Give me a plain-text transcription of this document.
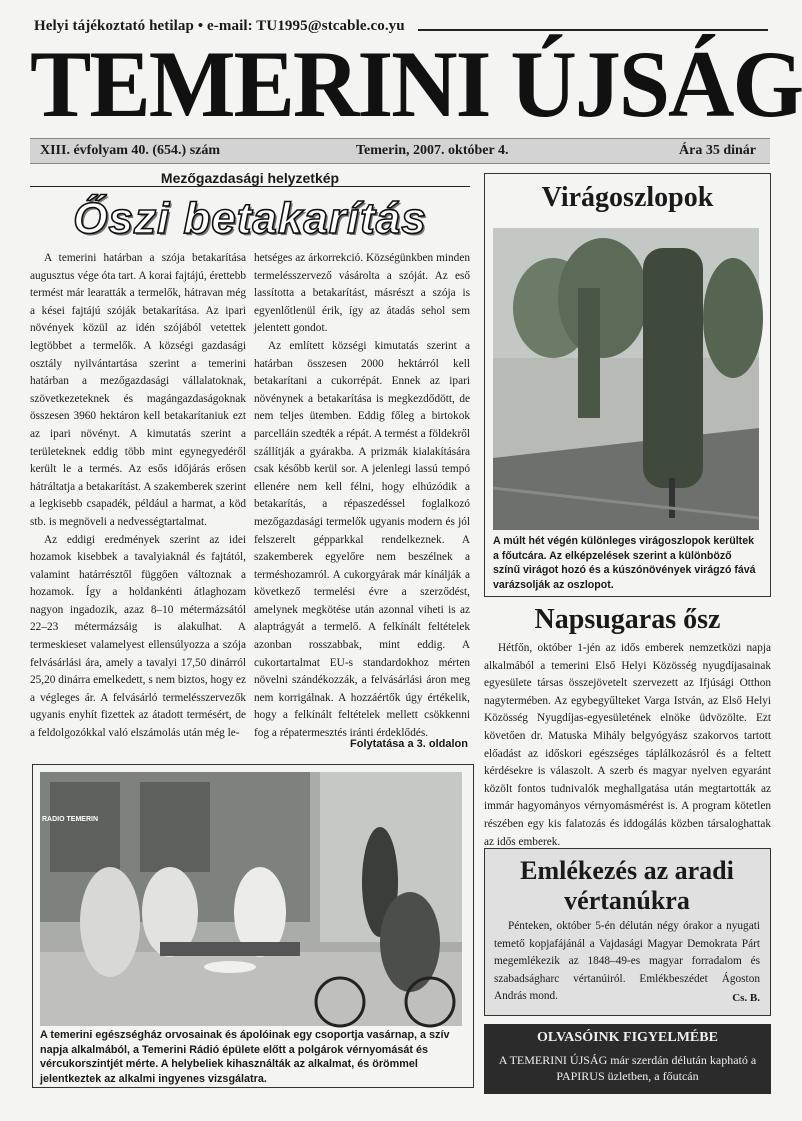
Helyi tájékoztató hetilap • e-mail: TU1995@stcable.co.yu
TEMERINI ÚJSÁG
XIII. évfolyam 40. (654.) szám	Temerin, 2007. október 4.	Ára 35 dinár
Mezőgazdasági helyzetkép
Őszi betakarítás

A temerini határban a szója betakarítása augusztus vége óta tart. A korai fajtájú, érettebb termést már learatták a termelők, hátravan még a kései fajtájú szóják betakarítása. Az ipari növények közül az idén szójából vetettek legtöbbet a termelők. A községi gazdasági osztály nyilvántartása szerint a temerini határban a mezőgazdasági vállalatoknak, szövetkezeteknek és magángazdaságoknak összesen 3960 hektáron kell betakarítaniuk ezt az ipari növényt. A kimutatás szerint a területeknek eddig több mint egynegyedéről került le a termés. Az esős időjárás erősen hátráltatja a betakarítást. A szakemberek szerint a legkisebb csapadék, például a harmat, a köd stb. is megnöveli a nedvességtartalmat.

Az eddigi eredmények szerint az idei hozamok kisebbek a tavalyiaknál és fajtától, valamint határrésztől függően változnak a hozamok. Így a holdankénti átlaghozam nagyon ingadozik, azaz 8–10 métermázsától 22–23 métermázsáig is alakulhat. A termeskieset valamelyest ellensúlyozza a szója felvásárlási ára, amely a tavalyi 17,50 dinárról 25,20 dinárra emelkedett, s nem biztos, hogy ez a végleges ár. A felvásárló termelésszervezők ugyanis enyhít fizettek az átadott termésért, de a feldolgozókkal való elszámolás után még le-

hetséges az árkorrekció. Községünkben minden termelésszervező vásárolta a szóját. Az eső lassította a betakarítást, másrészt a szója is egyenlőtlenül érik, így az átadás sehol sem jelentett gondot.

Az említett községi kimutatás szerint a határban összesen 2000 hektárról kell betakarítani a cukorrépát. Ennek az ipari növénynek a betakarítása is megkezdődött, de nem teljes ütemben. Eddig főleg a birtokok parcelláin szedték a répát. A termést a földekről szállítják a gyárakba. A prizmák kialakítására csak később kerül sor. A jelenlegi lassú tempó ellenére nem kell félni, hogy elhúzódik a betakarítás, a répaszedéssel foglalkozó mezőgazdasági termelők ugyanis modern és jól felszerelt gépparkkal rendelkeznek. A szakemberek egyelőre nem beszélnek a terméshozamról. A cukorgyárak már kínálják a következő termelési évre a szerződést, amelynek megkötése után azonnal viheti is az alaptrágyát a termelő. A felkínált feltételek azonban rosszabbak, mint eddig. A cukortartalmat EU-s standardokhoz mérten növelni szándékozzák, a felvásárlási áron meg nem korrigálnak. A hozzáértők úgy értékelik, hogy a felkínált feltételek mellett csökkenni fog a répatermesztés iránti érdeklődés.

Folytatása a 3. oldalon
Virágoszlopok
A múlt hét végén különleges virágoszlopok kerültek a főutcára. Az elképzelések szerint a különböző színű virágot hozó és a kúszónövények virágzó fává varázsolják az oszlopot.
Napsugaras ősz
Hétfőn, október 1-jén az idős emberek nemzetközi napja alkalmából a temerini Első Helyi Közösség nyugdíjasainak egyesülete társas összejövetelt szervezett az Ifjúsági Otthon nagytermében. Az egybegyűlteket Varga István, az Első Helyi Közösség Nyugdíjas-egyesületének elnöke üdvözölte. Ezt követően dr. Matuska Mihály belgyógyász szakorvos tartott előadást az időskori egészséges táplálkozásról és a feltett kérdésekre is válaszolt. A szerb és magyar nyelven egyaránt közölt fontos tudnivalók meghallgatása után megtartották az immár hagyományos vérnyomásmérést is. A program kötetlen részében egy kis falatozás és iddogálás közben társaloghattak az idős emberek.
Emlékezés az aradi vértanúkra
Pénteken, október 5-én délután négy órakor a nyugati temető kopjafájánál a Vajdasági Magyar Demokrata Párt megemlékezik az 1848–49-es magyar forradalom és szabadságharc vértanúiról. Emlékbeszédet Ágoston András mond.	Cs. B.
OLVASÓINK FIGYELMÉBE
A TEMERINI ÚJSÁG már szerdán délután kapható a PAPIRUS üzletben, a főutcán
RADIO TEMERIN
A temerini egészségház orvosainak és ápolóinak egy csoportja vasárnap, a szív napja alkalmából, a Temerini Rádió épülete előtt a polgárok vérnyomását és vércukorszintjét mérte. A helybeliek kihasználták az alkalmat, és örömmel jelentkeztek az alkalmi ingyenes vizsgálatra.
